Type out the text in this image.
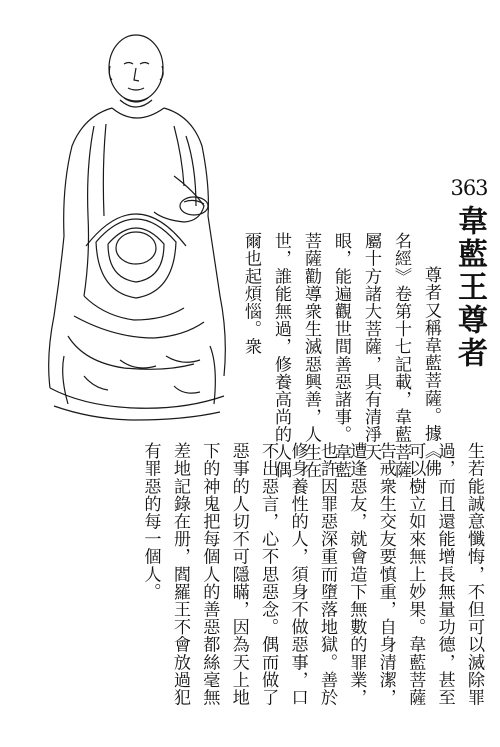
363
韋藍王尊者

尊者又稱韋藍菩薩。據《佛名經》卷第十七記載，韋藍菩薩屬十方諸大菩薩，具有清淨天眼，能遍觀世間善惡諸事。韋藍菩薩勸導衆生滅惡興善，人生在世，誰能無過，修養高尚的人偶爾也起煩惱。衆

生若能誠意懺悔，不但可以滅除罪過，而且還能增長無量功德，甚至可以樹立如來無上妙果。韋藍菩薩告戒衆生交友要慎重，自身清潔，遭逢惡友，就會造下無數的罪業，也許因罪惡深重而墮落地獄。善於修身養性的人，須身不做惡事，口不出惡言，心不思惡念。偶而做了惡事的人切不可隱瞞，因為天上地下的神鬼把每個人的善惡都絲毫無差地記錄在册，閻羅王不會放過犯有罪惡的每一個人。
